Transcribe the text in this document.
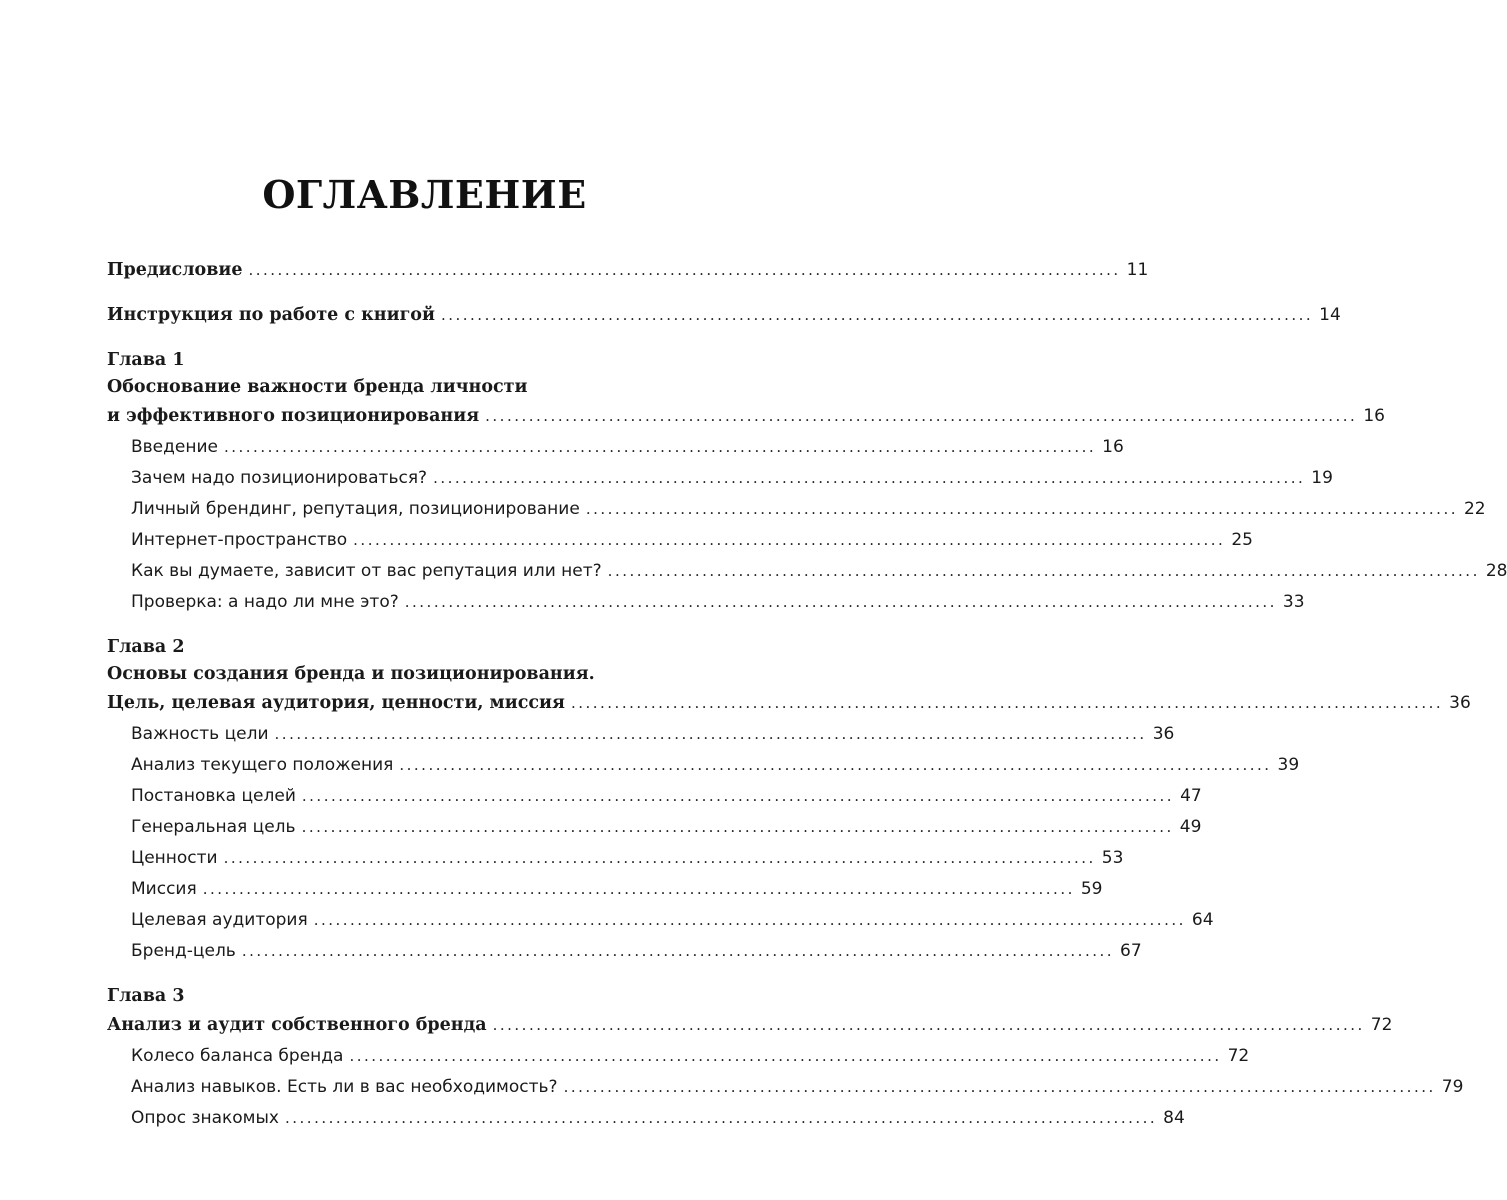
ОГЛАВЛЕНИЕ
Предисловие ........................................................................................................................ 11
Инструкция по работе с книгой ........................................................................................................................ 14
Глава 1
Обоснование важности бренда личности
и эффективного позиционирования ........................................................................................................................ 16
Введение ........................................................................................................................ 16
Зачем надо позиционироваться? ........................................................................................................................ 19
Личный брендинг, репутация, позиционирование ........................................................................................................................ 22
Интернет-пространство ........................................................................................................................ 25
Как вы думаете, зависит от вас репутация или нет? ........................................................................................................................ 28
Проверка: а надо ли мне это? ........................................................................................................................ 33
Глава 2
Основы создания бренда и позиционирования.
Цель, целевая аудитория, ценности, миссия ........................................................................................................................ 36
Важность цели ........................................................................................................................ 36
Анализ текущего положения ........................................................................................................................ 39
Постановка целей ........................................................................................................................ 47
Генеральная цель ........................................................................................................................ 49
Ценности ........................................................................................................................ 53
Миссия ........................................................................................................................ 59
Целевая аудитория ........................................................................................................................ 64
Бренд-цель ........................................................................................................................ 67
Глава 3
Анализ и аудит собственного бренда ........................................................................................................................ 72
Колесо баланса бренда ........................................................................................................................ 72
Анализ навыков. Есть ли в вас необходимость? ........................................................................................................................ 79
Опрос знакомых ........................................................................................................................ 84
